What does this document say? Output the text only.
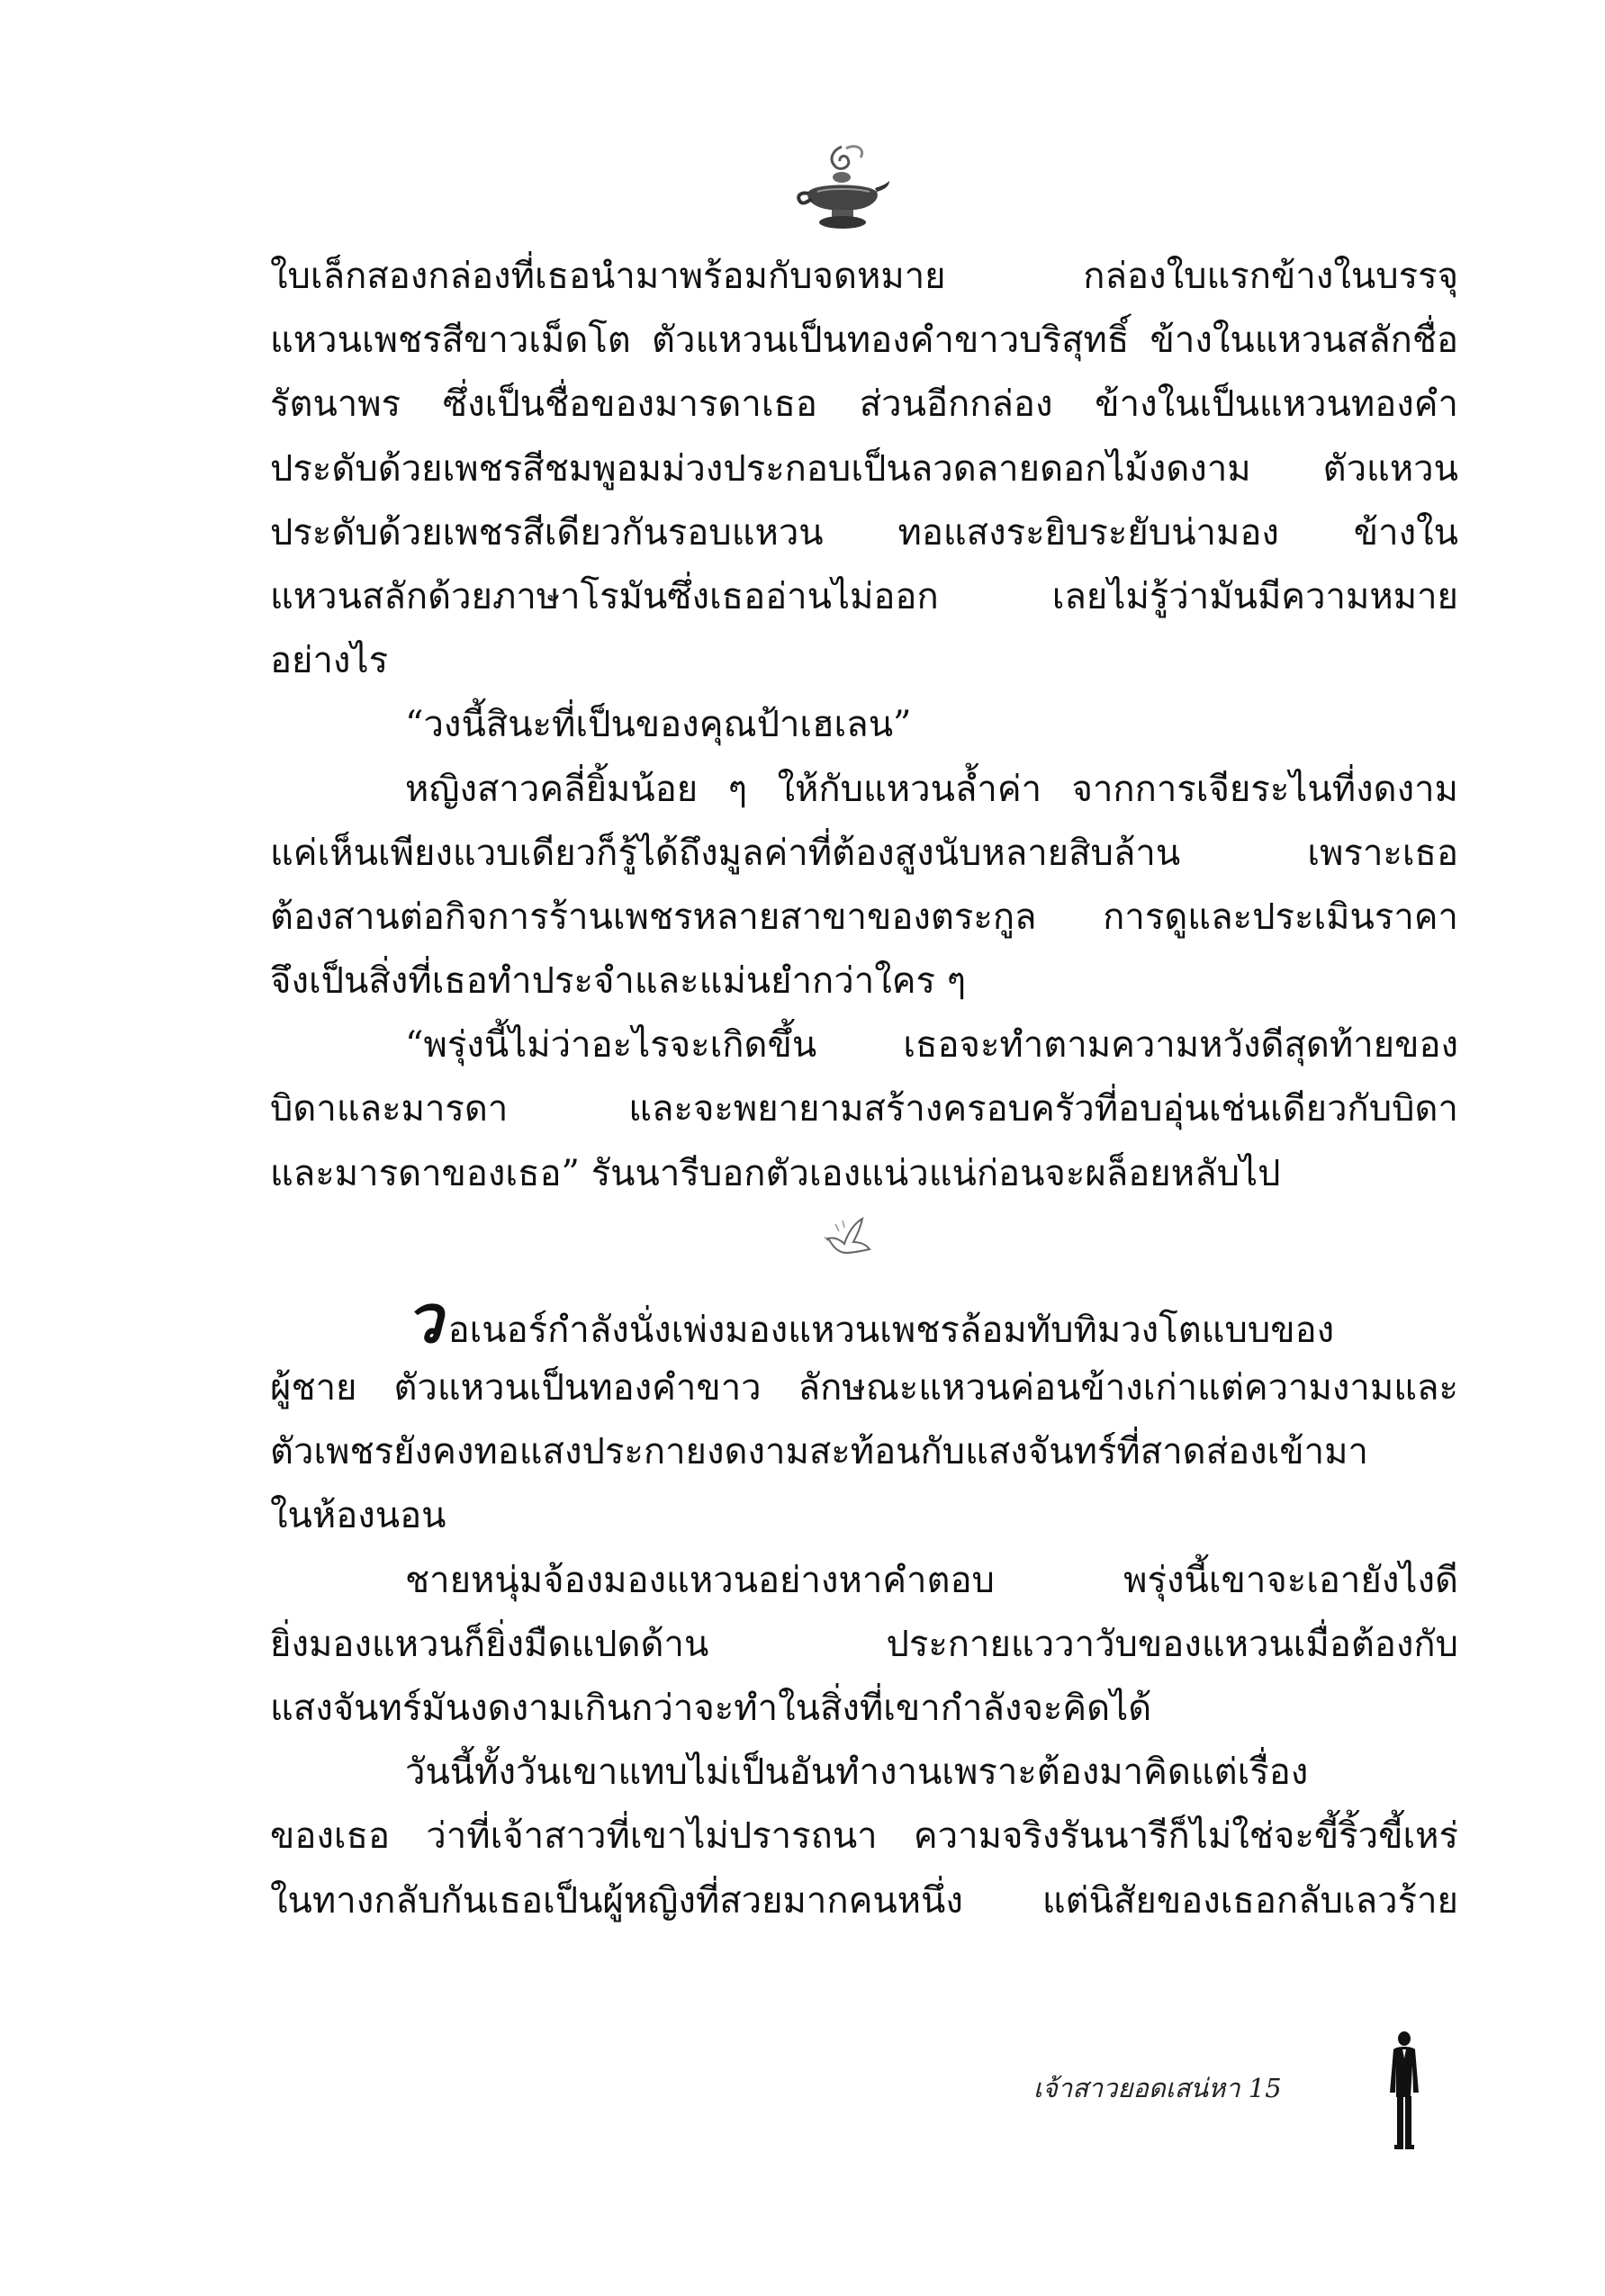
ใบเล็กสองกล่องที่เธอนำมาพร้อมกับจดหมาย กล่องใบแรกข้างในบรรจุ
แหวนเพชรสีขาวเม็ดโต ตัวแหวนเป็นทองคำขาวบริสุทธิ์ ข้างในแหวนสลักชื่อ
รัตนาพร ซึ่งเป็นชื่อของมารดาเธอ ส่วนอีกกล่อง ข้างในเป็นแหวนทองคำ
ประดับด้วยเพชรสีชมพูอมม่วงประกอบเป็นลวดลายดอกไม้งดงาม ตัวแหวน
ประดับด้วยเพชรสีเดียวกันรอบแหวน ทอแสงระยิบระยับน่ามอง ข้างใน
แหวนสลักด้วยภาษาโรมันซึ่งเธออ่านไม่ออก เลยไม่รู้ว่ามันมีความหมาย
อย่างไร
“วงนี้สินะที่เป็นของคุณป้าเฮเลน”
หญิงสาวคลี่ยิ้มน้อย ๆ ให้กับแหวนล้ำค่า จากการเจียระไนที่งดงาม
แค่เห็นเพียงแวบเดียวก็รู้ได้ถึงมูลค่าที่ต้องสูงนับหลายสิบล้าน เพราะเธอ
ต้องสานต่อกิจการร้านเพชรหลายสาขาของตระกูล การดูและประเมินราคา
จึงเป็นสิ่งที่เธอทำประจำและแม่นยำกว่าใคร ๆ
“พรุ่งนี้ไม่ว่าอะไรจะเกิดขึ้น เธอจะทำตามความหวังดีสุดท้ายของ
บิดาและมารดา และจะพยายามสร้างครอบครัวที่อบอุ่นเช่นเดียวกับบิดา
และมารดาของเธอ” รันนารีบอกตัวเองแน่วแน่ก่อนจะผล็อยหลับไป
วอเนอร์กำลังนั่งเพ่งมองแหวนเพชรล้อมทับทิมวงโตแบบของ
ผู้ชาย ตัวแหวนเป็นทองคำขาว ลักษณะแหวนค่อนข้างเก่าแต่ความงามและ
ตัวเพชรยังคงทอแสงประกายงดงามสะท้อนกับแสงจันทร์ที่สาดส่องเข้ามา
ในห้องนอน
ชายหนุ่มจ้องมองแหวนอย่างหาคำตอบ พรุ่งนี้เขาจะเอายังไงดี
ยิ่งมองแหวนก็ยิ่งมืดแปดด้าน ประกายแววาวับของแหวนเมื่อต้องกับ
แสงจันทร์มันงดงามเกินกว่าจะทำในสิ่งที่เขากำลังจะคิดได้
วันนี้ทั้งวันเขาแทบไม่เป็นอันทำงานเพราะต้องมาคิดแต่เรื่อง
ของเธอ ว่าที่เจ้าสาวที่เขาไม่ปรารถนา ความจริงรันนารีก็ไม่ใช่จะขี้ริ้วขี้เหร่
ในทางกลับกันเธอเป็นผู้หญิงที่สวยมากคนหนึ่ง แต่นิสัยของเธอกลับเลวร้าย
เจ้าสาวยอดเสน่หา 15
